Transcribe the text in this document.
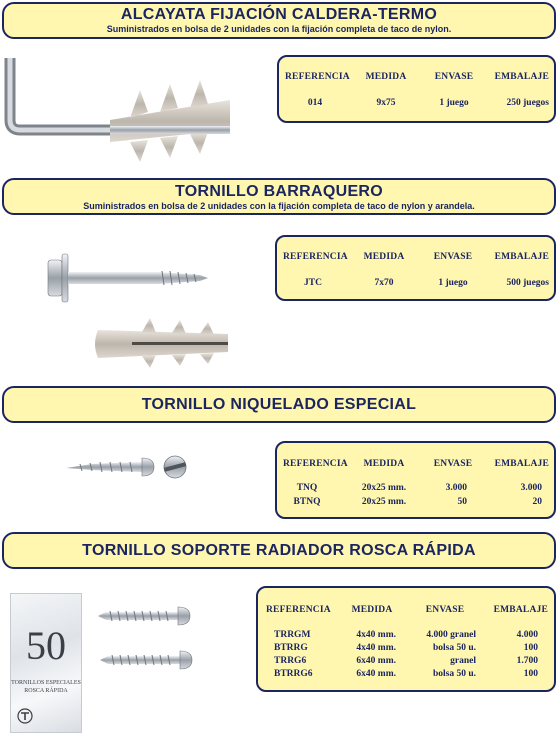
ALCAYATA FIJACIÓN CALDERA-TERMO
Suministrados en bolsa de 2 unidades con la fijación completa de taco de nylon.
REFERENCIA MEDIDA	ENVASE EMBALAJE
014	9x75	1 juego	250 juegos
TORNILLO BARRAQUERO
Suministrados en bolsa de 2 unidades con la fijación completa de taco de nylon y arandela.
REFERENCIA MEDIDA	ENVASE EMBALAJE
JTC	7x70	1 juego	500 juegos
TORNILLO NIQUELADO ESPECIAL
REFERENCIA MEDIDA	ENVASE EMBALAJE
TNQ	20x25 mm.	3.000	3.000
BTNQ	20x25 mm.	50	20
TORNILLO SOPORTE RADIADOR ROSCA RÁPIDA
50
TORNILLOS ESPECIALES
ROSCA RÁPIDA
REFERENCIA MEDIDA	ENVASE	EMBALAJE
TRRGM	4x40 mm.	4.000 granel	4.000
BTRRG	4x40 mm.	bolsa 50 u.	100
TRRG6	6x40 mm.	granel	1.700
BTRRG6	6x40 mm.	bolsa 50 u.	100
